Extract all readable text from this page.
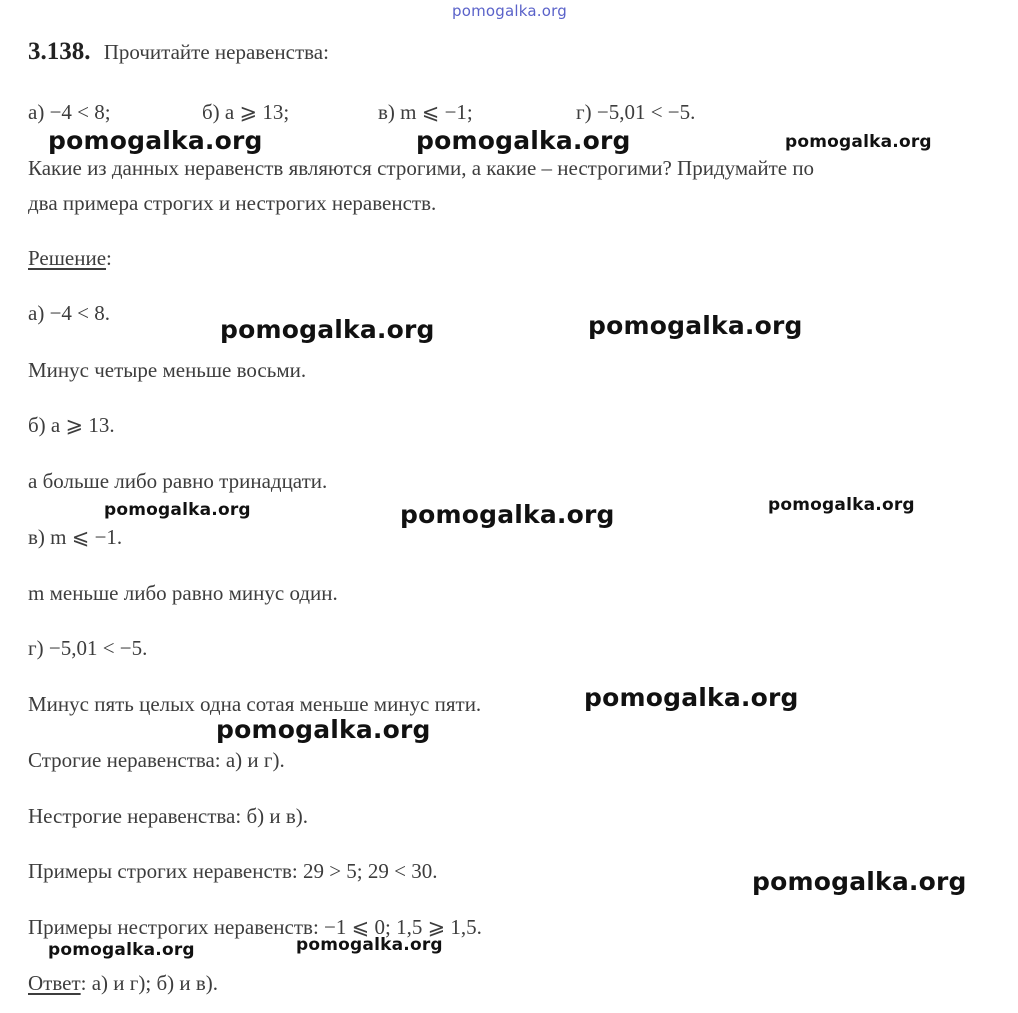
pomogalka.org
3.138. Прочитайте неравенства:
а) −4 < 8;	б) a ⩾ 13;	в) m ⩽ −1;	г) −5,01 < −5.
Какие из данных неравенств являются строгими, а какие – нестрогими? Придумайте по
два примера строгих и нестрогих неравенств.
Решение:
а) −4 < 8.
Минус четыре меньше восьми.
б) a ⩾ 13.
а больше либо равно тринадцати.
в) m ⩽ −1.
m меньше либо равно минус один.
г) −5,01 < −5.
Минус пять целых одна сотая меньше минус пяти.
Строгие неравенства: а) и г).
Нестрогие неравенства: б) и в).
Примеры строгих неравенств: 29 > 5; 29 < 30.
Примеры нестрогих неравенств: −1 ⩽ 0; 1,5 ⩾ 1,5.
Ответ: а) и г); б) и в).
pomogalka.org	pomogalka.org	pomogalka.org
pomogalka.org	pomogalka.org
pomogalka.org	pomogalka.org	pomogalka.org
pomogalka.org
pomogalka.org
pomogalka.org
pomogalka.org	pomogalka.org
